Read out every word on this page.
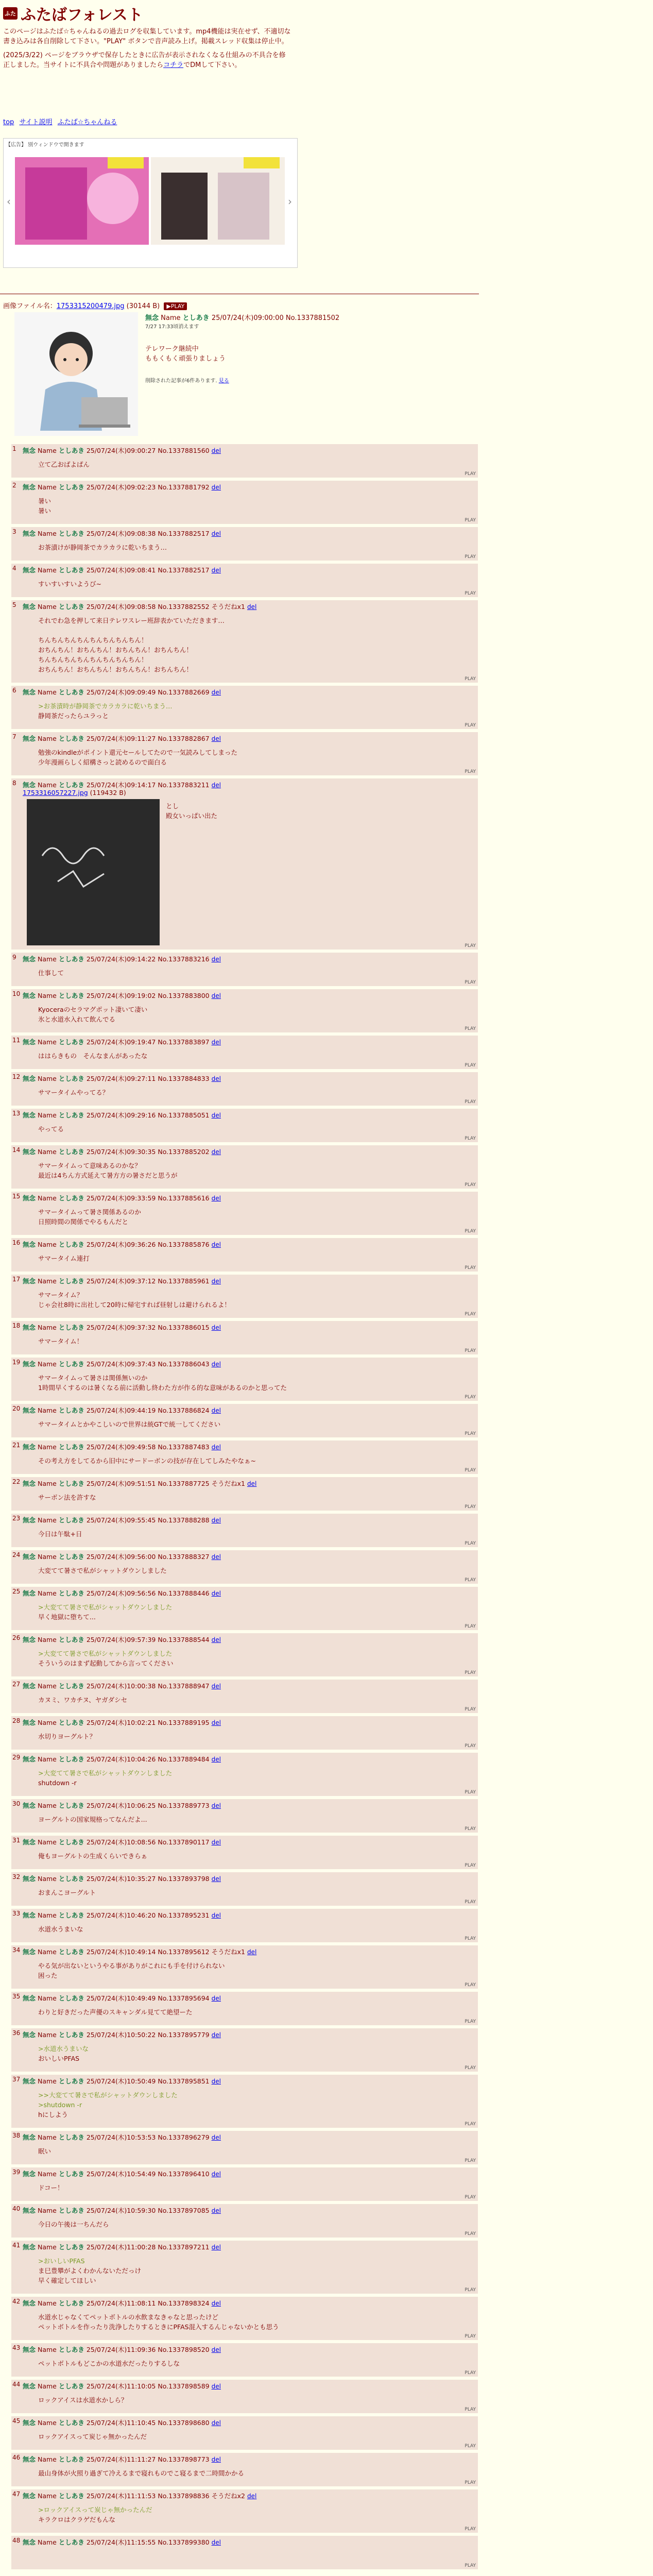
ふた ふたばフォレスト
このページはふたば☆ちゃんねるの過去ログを収集しています。mp4機能は実在せず、不適切な書き込みは各自削除して下さい。"PLAY" ボタンで音声読み上げ。掲載スレッド収集は停止中。
(2025/3/22) ページをブラウザで保存したときに広告が表示されなくなる仕組みの不具合を修正しました。当サイトに不具合や問題がありましたらコチラでDMして下さい。
top サイト説明 ふたば☆ちゃんねる
【広告】 別ウィンドウで開きます
‹	›
画像ファイル名：1753315200479.jpg (30144 B) ▶PLAY
無念 Name としあき 25/07/24(木)09:00:00 No.1337881502
7/27 17:33頃消えます
テレワーク継続中
ももくもく頑張りましょう
削除された記事が6件あります. 見る
1 無念 Name としあき 25/07/24(木)09:00:27 No.1337881560 del
立て乙おばよぱん
PLAY
2 無念 Name としあき 25/07/24(木)09:02:23 No.1337881792 del
暑い
暑い
PLAY
3 無念 Name としあき 25/07/24(木)09:08:38 No.1337882517 del
お茶漬けが静岡茶でカラカラに乾いちまう…
PLAY
4 無念 Name としあき 25/07/24(木)09:08:41 No.1337882517 del
すいすいすいようび~
PLAY
5 無念 Name としあき 25/07/24(木)09:08:58 No.1337882552 そうだねx1 del
それでわ急を押して来日テレワスレー班辞表かていただきます…

ちんちんちんちんちんちんちんちん！
おちんちん！おちんちん！おちんちん！おちんちん！
ちんちんちんちんちんちんちんちん！
おちんちん！おちんちん！おちんちん！おちんちん！
PLAY
6 無念 Name としあき 25/07/24(木)09:09:49 No.1337882669 del
>お茶漬時が静岡茶でカラカラに乾いちまう…
静岡茶だったらユラっと
PLAY
7 無念 Name としあき 25/07/24(木)09:11:27 No.1337882867 del
勉強のkindleがポイント還元セールしてたので一気読みしてしまった
少年漫画らしく紹構さっと読めるので面白る
PLAY
8 無念 Name としあき 25/07/24(木)09:14:17 No.1337883211 del
1753316057227.jpg (119432 B)
とし
殿女いっぱい出た
PLAY
9 無念 Name としあき 25/07/24(木)09:14:22 No.1337883216 del
仕事して
PLAY
10 無念 Name としあき 25/07/24(木)09:19:02 No.1337883800 del
Kyoceraのセラマグポット凄いて凄い
氷と水道水入れて飲んでる
PLAY
11 無念 Name としあき 25/07/24(木)09:19:47 No.1337883897 del
ははらきもの　そんなまんがあったな
PLAY
12 無念 Name としあき 25/07/24(木)09:27:11 No.1337884833 del
サマータイムやってる？
PLAY
13 無念 Name としあき 25/07/24(木)09:29:16 No.1337885051 del
やってる
PLAY
14 無念 Name としあき 25/07/24(木)09:30:35 No.1337885202 del
サマータイムって意味あるのかな？
最近は4ちん方式延えて暑方方の暑さだと思うが
PLAY
15 無念 Name としあき 25/07/24(木)09:33:59 No.1337885616 del
サマータイムって暑さ関係あるのか
日照時間の関係でやるもんだと
PLAY
16 無念 Name としあき 25/07/24(木)09:36:26 No.1337885876 del
サマータイム連打
PLAY
17 無念 Name としあき 25/07/24(木)09:37:12 No.1337885961 del
サマータイム？
じゃ会社8時に出社して20時に帰宅すれば昼射しは避けられるよ！
PLAY
18 無念 Name としあき 25/07/24(木)09:37:32 No.1337886015 del
サマータイム！
PLAY
19 無念 Name としあき 25/07/24(木)09:37:43 No.1337886043 del
サマータイムって暑さは関係無いのか
1時間早くするのは暑くなる前に活動し終わた方が作る的な意味があるのかと思ってた
PLAY
20 無念 Name としあき 25/07/24(木)09:44:19 No.1337886824 del
サマータイムとかやこしいので世界は統GTで統一してください
PLAY
21 無念 Name としあき 25/07/24(木)09:49:58 No.1337887483 del
その考え方をしてるから旧中にサードーボンの技が存在してしみたやなぁ~
PLAY
22 無念 Name としあき 25/07/24(木)09:51:51 No.1337887725 そうだねx1 del
サーボン法を許すな
PLAY
23 無念 Name としあき 25/07/24(木)09:55:45 No.1337888288 del
今日は午駄+日
PLAY
24 無念 Name としあき 25/07/24(木)09:56:00 No.1337888327 del
大変てて暑さで私がシャットダウンしました
PLAY
25 無念 Name としあき 25/07/24(木)09:56:56 No.1337888446 del
>大変てて暑さで私がシャットダウンしました
早く地獄に堕ちて...
PLAY
26 無念 Name としあき 25/07/24(木)09:57:39 No.1337888544 del
>大変てて暑さで私がシャットダウンしました
そういうのはまず起動してから言ってください
PLAY
27 無念 Name としあき 25/07/24(木)10:00:38 No.1337888947 del
カヌミ、ワカチヌ、ヤガダシセ
PLAY
28 無念 Name としあき 25/07/24(木)10:02:21 No.1337889195 del
水切りヨーグルト？
PLAY
29 無念 Name としあき 25/07/24(木)10:04:26 No.1337889484 del
>大変てて暑さで私がシャットダウンしました
shutdown -r
PLAY
30 無念 Name としあき 25/07/24(木)10:06:25 No.1337889773 del
ヨーグルトの国家規格ってなんだよ...
PLAY
31 無念 Name としあき 25/07/24(木)10:08:56 No.1337890117 del
俺もヨーグルトの生成くらいできらぁ
PLAY
32 無念 Name としあき 25/07/24(木)10:35:27 No.1337893798 del
おまんこヨーグルト
PLAY
33 無念 Name としあき 25/07/24(木)10:46:20 No.1337895231 del
水道水うまいな
PLAY
34 無念 Name としあき 25/07/24(木)10:49:14 No.1337895612 そうだねx1 del
やる気が出ないというやる事がありがこれにも手を付けられない
困った
PLAY
35 無念 Name としあき 25/07/24(木)10:49:49 No.1337895694 del
わりと好きだった声優のスキャンダル見てて絶望ーた
PLAY
36 無念 Name としあき 25/07/24(木)10:50:22 No.1337895779 del
>水道水うまいな
おいしいPFAS
PLAY
37 無念 Name としあき 25/07/24(木)10:50:49 No.1337895851 del
>>大変てて暑さで私がシャットダウンしました
>shutdown -r
hにしよう
PLAY
38 無念 Name としあき 25/07/24(木)10:53:53 No.1337896279 del
眠い
PLAY
39 無念 Name としあき 25/07/24(木)10:54:49 No.1337896410 del
ドコー！
PLAY
40 無念 Name としあき 25/07/24(木)10:59:30 No.1337897085 del
今日の午後は一ちんだら
PLAY
41 無念 Name としあき 25/07/24(木)11:00:28 No.1337897211 del
>おいしいPFAS
ま巳豊攀がよくわかんないただっけ
早く確定してほしい
PLAY
42 無念 Name としあき 25/07/24(木)11:08:11 No.1337898324 del
水道水じゃなくてペットボトルの水飲まなきゃなと思ったけど
ペットボトルを作ったり洗浄したりするときにPFAS混入するんじゃないかとも思う
PLAY
43 無念 Name としあき 25/07/24(木)11:09:36 No.1337898520 del
ペットボトルもどこかの水道水だったりするしな
PLAY
44 無念 Name としあき 25/07/24(木)11:10:05 No.1337898589 del
ロックアイスは水道水かしら？
PLAY
45 無念 Name としあき 25/07/24(木)11:10:45 No.1337898680 del
ロックアイスって炭じゃ無かったんだ
PLAY
46 無念 Name としあき 25/07/24(木)11:11:27 No.1337898773 del
最山身体が火照り過ぎて冷えるまで寝れものでこ寝るまで二時間かかる
PLAY
47 無念 Name としあき 25/07/24(木)11:11:53 No.1337898836 そうだねx2 del
>ロックアイスって炭じゃ無かったんだ
キラクロはクラゲだもんな
PLAY
48 無念 Name としあき 25/07/24(木)11:15:55 No.1337899380 del
PLAY
